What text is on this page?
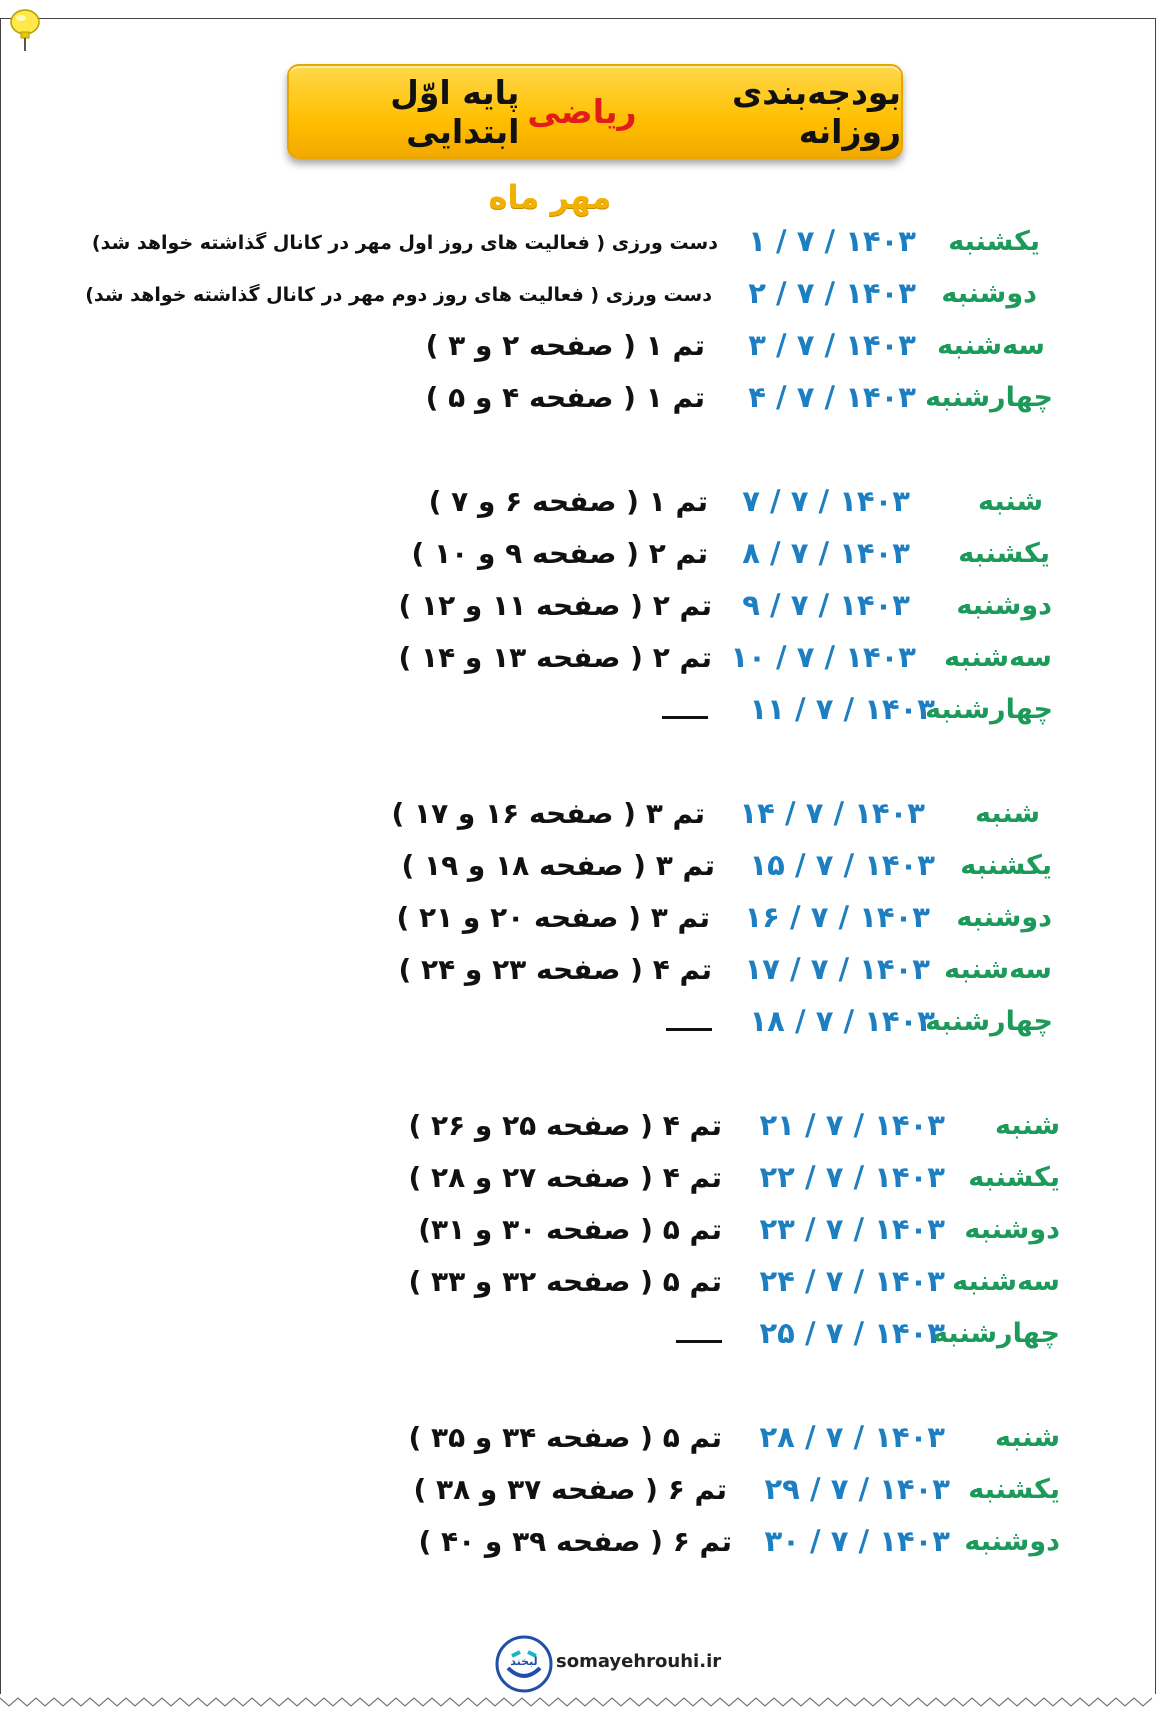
بودجه‌بندی روزانه
ریاضی
پایه اوّل ابتدایی
مهر ماه
یکشنبه
۱۴۰۳ / ۷ / ۱
دست ورزی ( فعالیت های روز اول مهر در کانال گذاشته خواهد شد)
دوشنبه
۱۴۰۳ / ۷ / ۲
دست ورزی ( فعالیت های روز دوم مهر در کانال گذاشته خواهد شد)
سه‌شنبه
۱۴۰۳ / ۷ / ۳
تم ۱ ( صفحه ۲ و ۳ )
چهارشنبه
۱۴۰۳ / ۷ / ۴
تم ۱ ( صفحه ۴ و ۵ )
شنبه
۱۴۰۳ / ۷ / ۷
تم ۱ ( صفحه ۶ و ۷ )
یکشنبه
۱۴۰۳ / ۷ / ۸
تم ۲ ( صفحه ۹ و ۱۰ )
دوشنبه
۱۴۰۳ / ۷ / ۹
تم ۲ ( صفحه ۱۱ و ۱۲ )
سه‌شنبه
۱۴۰۳ / ۷ / ۱۰
تم ۲ ( صفحه ۱۳ و ۱۴ )
چهارشنبه
۱۴۰۳ / ۷ / ۱۱
شنبه
۱۴۰۳ / ۷ / ۱۴
تم ۳ ( صفحه ۱۶ و ۱۷ )
یکشنبه
۱۴۰۳ / ۷ / ۱۵
تم ۳ ( صفحه ۱۸ و ۱۹ )
دوشنبه
۱۴۰۳ / ۷ / ۱۶
تم ۳ ( صفحه ۲۰ و ۲۱ )
سه‌شنبه
۱۴۰۳ / ۷ / ۱۷
تم ۴ ( صفحه ۲۳ و ۲۴ )
چهارشنبه
۱۴۰۳ / ۷ / ۱۸
شنبه
۱۴۰۳ / ۷ / ۲۱
تم ۴ ( صفحه ۲۵ و ۲۶ )
یکشنبه
۱۴۰۳ / ۷ / ۲۲
تم ۴ ( صفحه ۲۷ و ۲۸ )
دوشنبه
۱۴۰۳ / ۷ / ۲۳
تم ۵ ( صفحه ۳۰ و ۳۱)
سه‌شنبه
۱۴۰۳ / ۷ / ۲۴
تم ۵ ( صفحه ۳۲ و ۳۳ )
چهارشنبه
۱۴۰۳ / ۷ / ۲۵
شنبه
۱۴۰۳ / ۷ / ۲۸
تم ۵ ( صفحه ۳۴ و ۳۵ )
یکشنبه
۱۴۰۳ / ۷ / ۲۹
تم ۶ ( صفحه ۳۷ و ۳۸ )
دوشنبه
۱۴۰۳ / ۷ / ۳۰
تم ۶ ( صفحه ۳۹ و ۴۰ )
لبخند somayehrouhi.ir
